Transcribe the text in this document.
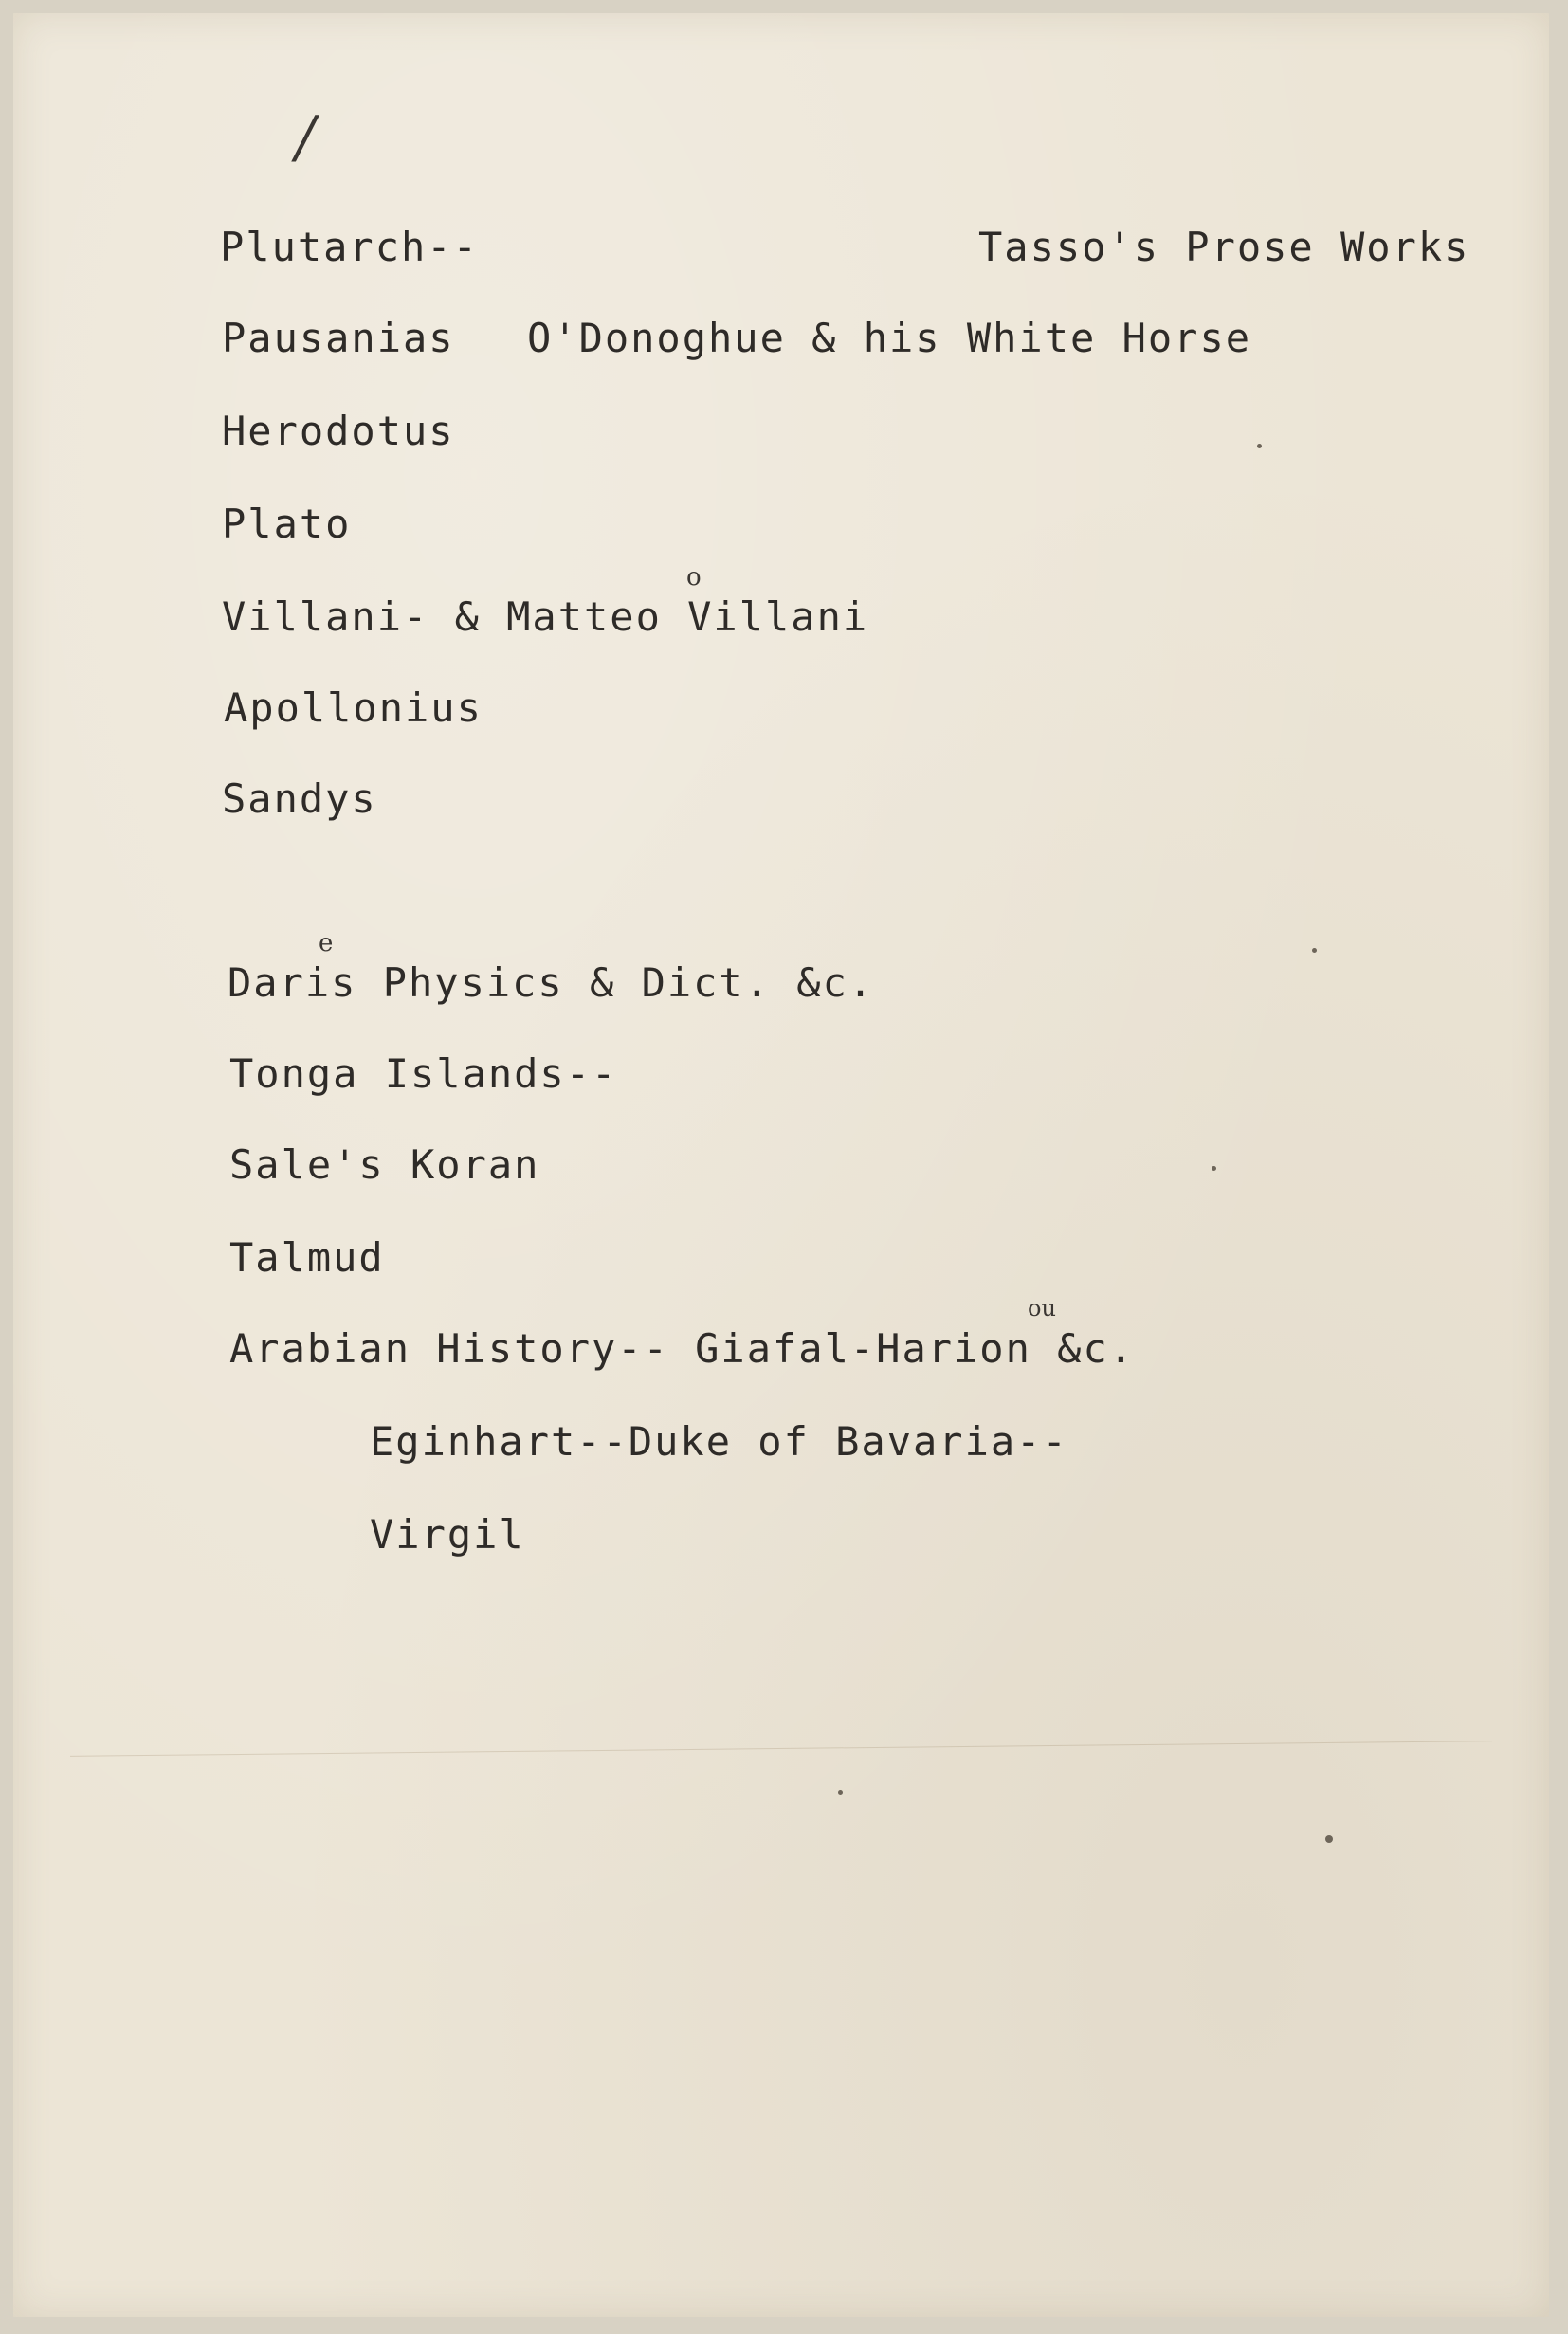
/
Plutarch--	Tasso's Prose Works
Pausanias O'Donoghue & his White Horse
Herodotus
Plato
Villani- & Matteo Villani
o
Apollonius
Sandys
Daris Physics & Dict. &c.
e
Tonga Islands--
Sale's Koran
Talmud
Arabian History-- Giafal-Harion &c.
ou
Eginhart--Duke of Bavaria--
Virgil
